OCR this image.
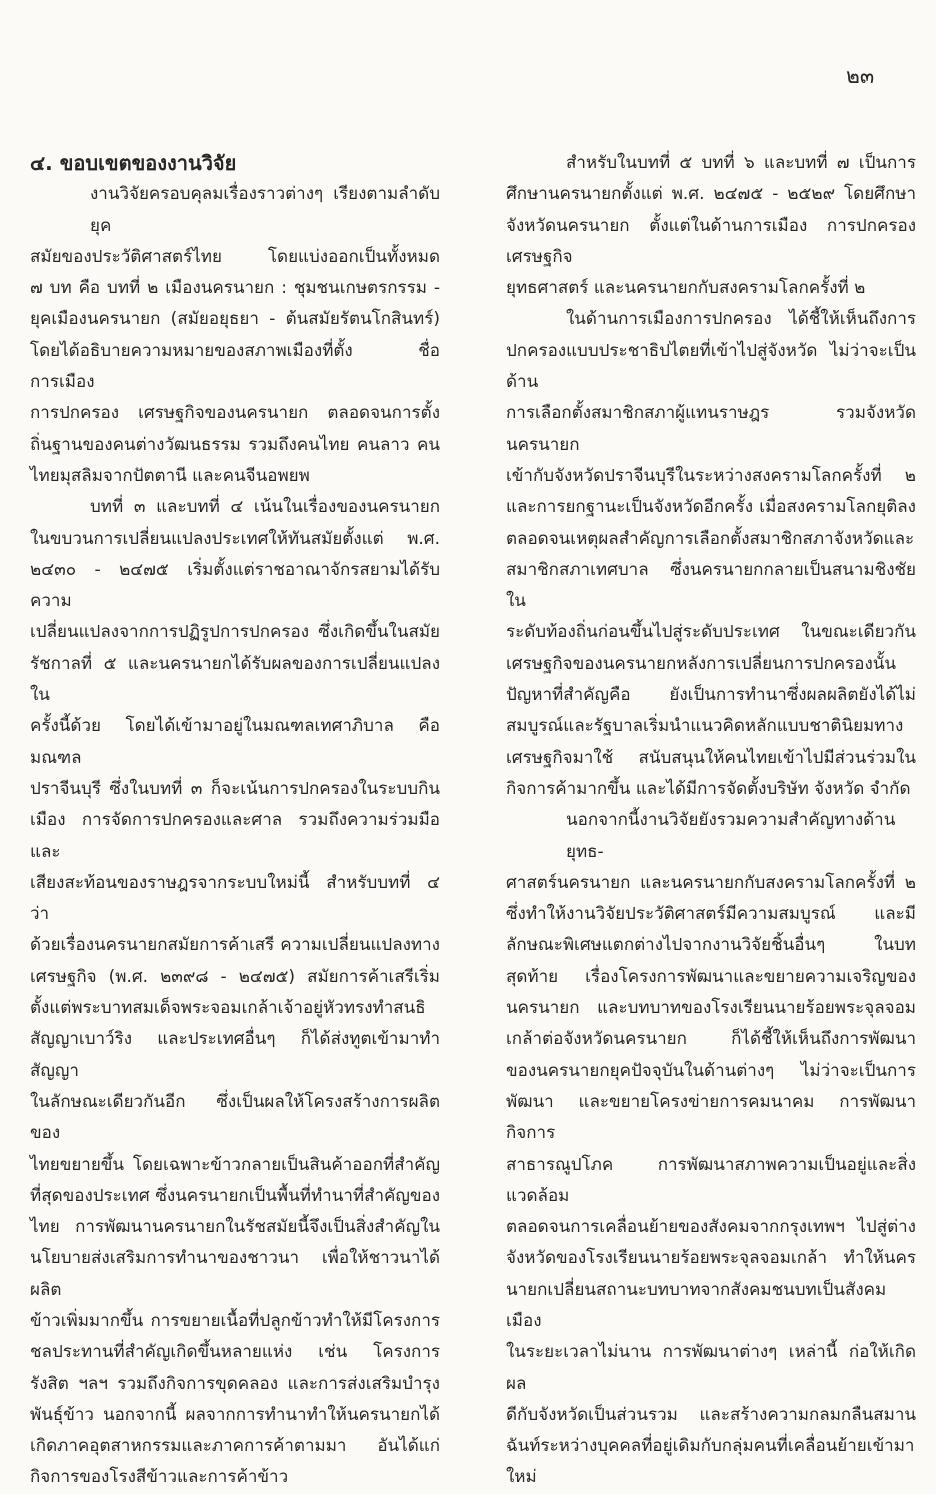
๒๓
๔. ขอบเขตของงานวิจัย
งานวิจัยครอบคุลมเรื่องราวต่างๆ เรียงตามลำดับยุค
สมัยของประวัติศาสตร์ไทย โดยแบ่งออกเป็นทั้งหมด
๗ บท คือ บทที่ ๒ เมืองนครนายก : ชุมชนเกษตรกรรม -
ยุคเมืองนครนายก (สมัยอยุธยา - ต้นสมัยรัตนโกสินทร์)
โดยได้อธิบายความหมายของสภาพเมืองที่ตั้ง ชื่อ การเมือง
การปกครอง เศรษฐกิจของนครนายก ตลอดจนการตั้ง
ถิ่นฐานของคนต่างวัฒนธรรม รวมถึงคนไทย คนลาว คน
ไทยมุสลิมจากปัตตานี และคนจีนอพยพ
บทที่ ๓ และบทที่ ๔ เน้นในเรื่องของนครนายก
ในขบวนการเปลี่ยนแปลงประเทศให้ทันสมัยตั้งแต่ พ.ศ.
๒๔๓๐ - ๒๔๗๕ เริ่มตั้งแต่ราชอาณาจักรสยามได้รับความ
เปลี่ยนแปลงจากการปฏิรูปการปกครอง ซึ่งเกิดขึ้นในสมัย
รัชกาลที่ ๕ และนครนายกได้รับผลของการเปลี่ยนแปลงใน
ครั้งนี้ด้วย โดยได้เข้ามาอยู่ในมณฑลเทศาภิบาล คือ มณฑล
ปราจีนบุรี ซึ่งในบทที่ ๓ ก็จะเน้นการปกครองในระบบกิน
เมือง การจัดการปกครองและศาล รวมถึงความร่วมมือและ
เสียงสะท้อนของราษฎรจากระบบใหม่นี้ สำหรับบทที่ ๔ ว่า
ด้วยเรื่องนครนายกสมัยการค้าเสรี ความเปลี่ยนแปลงทาง
เศรษฐกิจ (พ.ศ. ๒๓๙๘ - ๒๔๗๕) สมัยการค้าเสรีเริ่ม
ตั้งแต่พระบาทสมเด็จพระจอมเกล้าเจ้าอยู่หัวทรงทำสนธิ
สัญญาเบาว์ริง และประเทศอื่นๆ ก็ได้ส่งทูตเข้ามาทำสัญญา
ในลักษณะเดียวกันอีก ซึ่งเป็นผลให้โครงสร้างการผลิตของ
ไทยขยายขึ้น โดยเฉพาะข้าวกลายเป็นสินค้าออกที่สำคัญ
ที่สุดของประเทศ ซึ่งนครนายกเป็นพื้นที่ทำนาที่สำคัญของ
ไทย การพัฒนานครนายกในรัชสมัยนี้จึงเป็นสิ่งสำคัญใน
นโยบายส่งเสริมการทำนาของชาวนา เพื่อให้ชาวนาได้ผลิต
ข้าวเพิ่มมากขึ้น การขยายเนื้อที่ปลูกข้าวทำให้มีโครงการ
ชลประทานที่สำคัญเกิดขึ้นหลายแห่ง เช่น โครงการ
รังสิต ฯลฯ รวมถึงกิจการขุดคลอง และการส่งเสริมบำรุง
พันธุ์ข้าว นอกจากนี้ ผลจากการทำนาทำให้นครนายกได้
เกิดภาคอุตสาหกรรมและภาคการค้าตามมา อันได้แก่
กิจการของโรงสีข้าวและการค้าข้าว
สำหรับในบทที่ ๕ บทที่ ๖ และบทที่ ๗ เป็นการ
ศึกษานครนายกตั้งแต่ พ.ศ. ๒๔๗๕ - ๒๕๒๙ โดยศึกษา
จังหวัดนครนายก ตั้งแต่ในด้านการเมือง การปกครอง เศรษฐกิจ
ยุทธศาสตร์ และนครนายกกับสงครามโลกครั้งที่ ๒
ในด้านการเมืองการปกครอง ได้ชี้ให้เห็นถึงการ
ปกครองแบบประชาธิปไตยที่เข้าไปสู่จังหวัด ไม่ว่าจะเป็นด้าน
การเลือกตั้งสมาชิกสภาผู้แทนราษฎร รวมจังหวัดนครนายก
เข้ากับจังหวัดปราจีนบุรีในระหว่างสงครามโลกครั้งที่ ๒
และการยกฐานะเป็นจังหวัดอีกครั้ง เมื่อสงครามโลกยุติลง
ตลอดจนเหตุผลสำคัญการเลือกตั้งสมาชิกสภาจังหวัดและ
สมาชิกสภาเทศบาล ซึ่งนครนายกกลายเป็นสนามชิงชัยใน
ระดับท้องถิ่นก่อนขึ้นไปสู่ระดับประเทศ ในขณะเดียวกัน
เศรษฐกิจของนครนายกหลังการเปลี่ยนการปกครองนั้น
ปัญหาที่สำคัญคือ ยังเป็นการทำนาซึ่งผลผลิตยังได้ไม่
สมบูรณ์และรัฐบาลเริ่มนำแนวคิดหลักแบบชาตินิยมทาง
เศรษฐกิจมาใช้ สนับสนุนให้คนไทยเข้าไปมีส่วนร่วมใน
กิจการค้ามากขึ้น และได้มีการจัดตั้งบริษัท จังหวัด จำกัด
นอกจากนี้งานวิจัยยังรวมความสำคัญทางด้านยุทธ-
ศาสตร์นครนายก และนครนายกกับสงครามโลกครั้งที่ ๒
ซึ่งทำให้งานวิจัยประวัติศาสตร์มีความสมบูรณ์ และมี
ลักษณะพิเศษแตกต่างไปจากงานวิจัยชิ้นอื่นๆ ในบท
สุดท้าย เรื่องโครงการพัฒนาและขยายความเจริญของ
นครนายก และบทบาทของโรงเรียนนายร้อยพระจุลจอม
เกล้าต่อจังหวัดนครนายก ก็ได้ชี้ให้เห็นถึงการพัฒนา
ของนครนายกยุคปัจจุบันในด้านต่างๆ ไม่ว่าจะเป็นการ
พัฒนา และขยายโครงข่ายการคมนาคม การพัฒนากิจการ
สาธารณูปโภค การพัฒนาสภาพความเป็นอยู่และสิ่งแวดล้อม
ตลอดจนการเคลื่อนย้ายของสังคมจากกรุงเทพฯ ไปสู่ต่าง
จังหวัดของโรงเรียนนายร้อยพระจุลจอมเกล้า ทำให้นคร
นายกเปลี่ยนสถานะบทบาทจากสังคมชนบทเป็นสังคมเมือง
ในระยะเวลาไม่นาน การพัฒนาต่างๆ เหล่านี้ ก่อให้เกิดผล
ดีกับจังหวัดเป็นส่วนรวม และสร้างความกลมกลืนสมาน
ฉันท์ระหว่างบุคคลที่อยู่เดิมกับกลุ่มคนที่เคลื่อนย้ายเข้ามาใหม่
